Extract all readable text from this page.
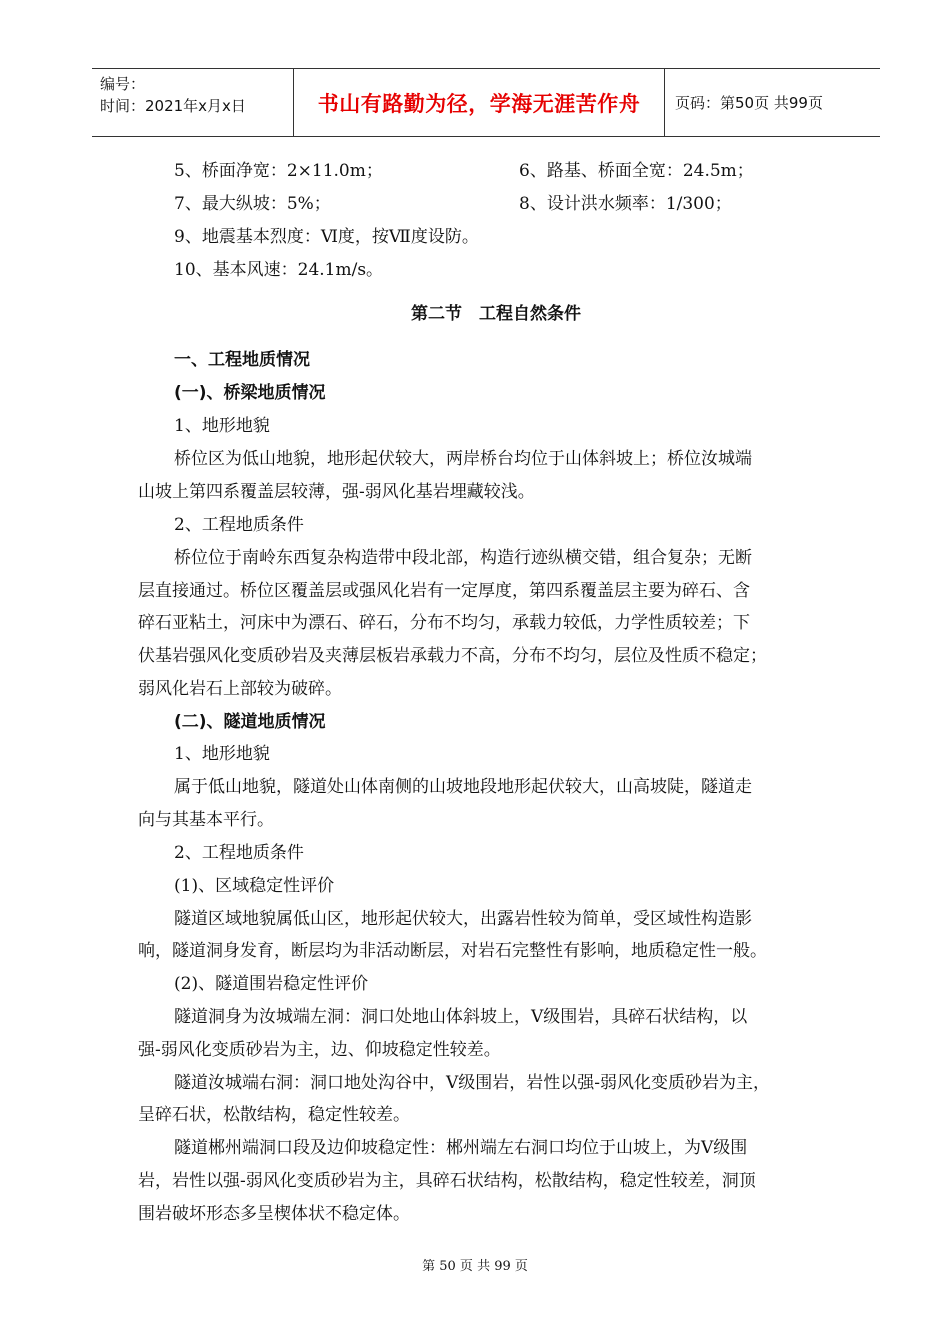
编号：
时间：2021年x月x日	书山有路勤为径，学海无涯苦作舟	页码：第50页 共99页
5、桥面净宽：2×11.0m；	6、路基、桥面全宽：24.5m；
7、最大纵坡：5%；	8、设计洪水频率：1/300；
9、地震基本烈度：Ⅵ度，按Ⅶ度设防。
10、基本风速：24.1m/s。
第二节　工程自然条件
一、工程地质情况
(一)、桥梁地质情况
1、地形地貌
桥位区为低山地貌，地形起伏较大，两岸桥台均位于山体斜坡上；桥位汝城端
山坡上第四系覆盖层较薄，强-弱风化基岩埋藏较浅。
2、工程地质条件
桥位位于南岭东西复杂构造带中段北部，构造行迹纵横交错，组合复杂；无断
层直接通过。桥位区覆盖层或强风化岩有一定厚度，第四系覆盖层主要为碎石、含
碎石亚粘土，河床中为漂石、碎石，分布不均匀，承载力较低，力学性质较差；下
伏基岩强风化变质砂岩及夹薄层板岩承载力不高，分布不均匀，层位及性质不稳定；
弱风化岩石上部较为破碎。
(二)、隧道地质情况
1、地形地貌
属于低山地貌，隧道处山体南侧的山坡地段地形起伏较大，山高坡陡，隧道走
向与其基本平行。
2、工程地质条件
(1)、区域稳定性评价
隧道区域地貌属低山区，地形起伏较大，出露岩性较为简单，受区域性构造影
响，隧道洞身发育，断层均为非活动断层，对岩石完整性有影响，地质稳定性一般。
(2)、隧道围岩稳定性评价
隧道洞身为汝城端左洞：洞口处地山体斜坡上，Ⅴ级围岩，具碎石状结构，以
强-弱风化变质砂岩为主，边、仰坡稳定性较差。
隧道汝城端右洞：洞口地处沟谷中，Ⅴ级围岩，岩性以强-弱风化变质砂岩为主，
呈碎石状，松散结构，稳定性较差。
隧道郴州端洞口段及边仰坡稳定性：郴州端左右洞口均位于山坡上，为Ⅴ级围
岩，岩性以强-弱风化变质砂岩为主，具碎石状结构，松散结构，稳定性较差，洞顶
围岩破坏形态多呈楔体状不稳定体。
第 50 页 共 99 页
